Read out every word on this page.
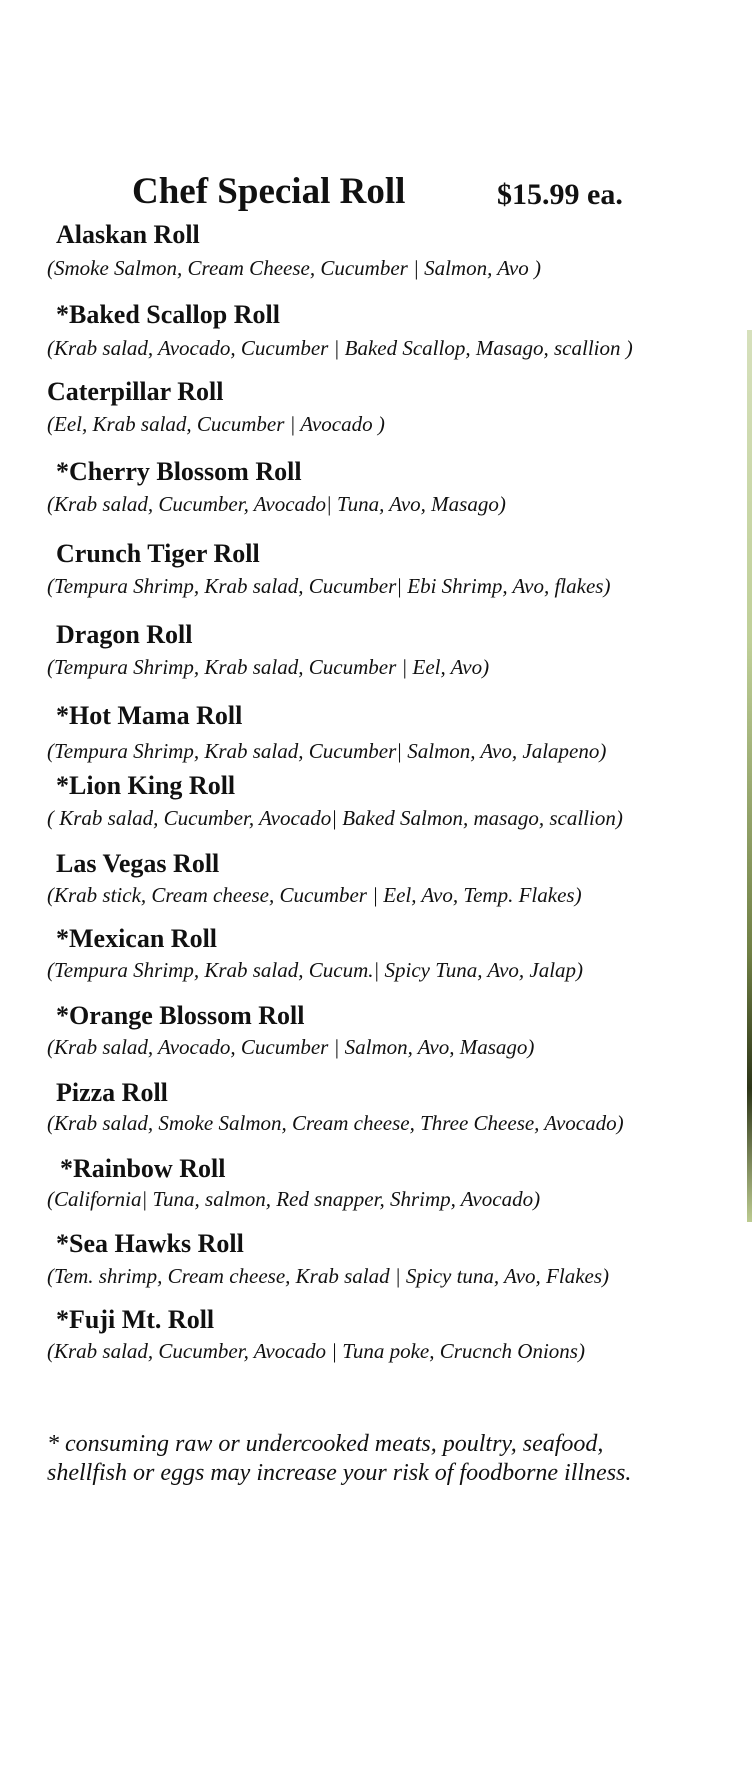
Chef Special Roll	$15.99 ea.
Alaskan Roll
(Smoke Salmon, Cream Cheese, Cucumber | Salmon, Avo )
*Baked Scallop Roll
(Krab salad, Avocado, Cucumber | Baked Scallop, Masago, scallion )
Caterpillar Roll
(Eel, Krab salad, Cucumber | Avocado )
*Cherry Blossom Roll
(Krab salad, Cucumber, Avocado| Tuna, Avo, Masago)
Crunch Tiger Roll
(Tempura Shrimp, Krab salad, Cucumber| Ebi Shrimp, Avo, flakes)
Dragon Roll
(Tempura Shrimp, Krab salad, Cucumber | Eel, Avo)
*Hot Mama Roll
(Tempura Shrimp, Krab salad, Cucumber| Salmon, Avo, Jalapeno)
*Lion King Roll
( Krab salad, Cucumber, Avocado| Baked Salmon, masago, scallion)
Las Vegas Roll
(Krab stick, Cream cheese, Cucumber | Eel, Avo, Temp. Flakes)
*Mexican Roll
(Tempura Shrimp, Krab salad, Cucum.| Spicy Tuna, Avo, Jalap)
*Orange Blossom Roll
(Krab salad, Avocado, Cucumber | Salmon, Avo, Masago)
Pizza Roll
(Krab salad, Smoke Salmon, Cream cheese, Three Cheese, Avocado)
*Rainbow Roll
(California| Tuna, salmon, Red snapper, Shrimp, Avocado)
*Sea Hawks Roll
(Tem. shrimp, Cream cheese, Krab salad | Spicy tuna, Avo, Flakes)
*Fuji Mt. Roll
(Krab salad, Cucumber, Avocado | Tuna poke, Crucnch Onions)
* consuming raw or undercooked meats, poultry, seafood,
shellfish or eggs may increase your risk of foodborne illness.
